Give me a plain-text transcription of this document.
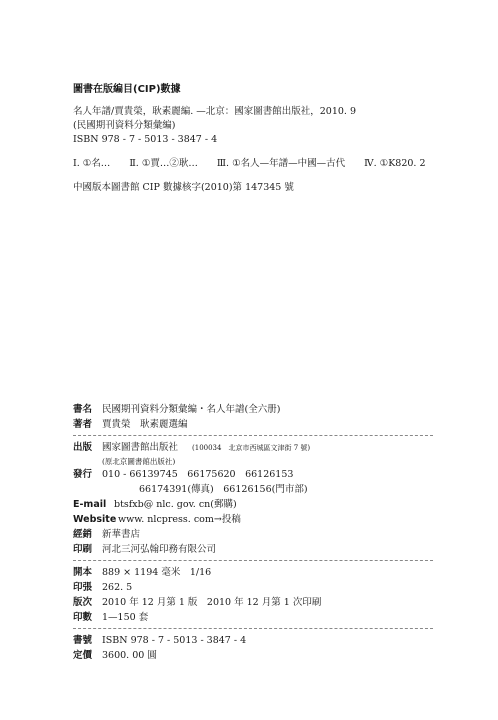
圖書在版編目(CIP)數據
名人年譜/賈貴榮，耿素麗編. —北京：國家圖書館出版社，2010. 9
(民國期刊資料分類彙編)
ISBN 978 - 7 - 5013 - 3847 - 4
Ⅰ. ①名… Ⅱ. ①賈…②耿… Ⅲ. ①名人—年譜—中國—古代 Ⅳ. ①K820. 2
中國版本圖書館 CIP 數據核字(2010)第 147345 號
書名	民國期刊資料分類彙編・名人年譜(全六册)
著者	賈貴榮　耿素麗選編
出版	國家圖書館出版社 (100034　北京市西城區文津街 7 號)
(原北京圖書館出版社)
發行	010 - 66139745　66175620　66126153
66174391(傳真)　66126156(門市部)
E-mail btsfxb@ nlc. gov. cn(郵購)
Website www. nlcpress. com→投稿
經銷	新華書店
印刷	河北三河弘翰印務有限公司
開本	889 × 1194 毫米　1/16
印張	262. 5
版次	2010 年 12 月第 1 版　2010 年 12 月第 1 次印刷
印數	1—150 套
書號	ISBN 978 - 7 - 5013 - 3847 - 4
定價	3600. 00 圓
